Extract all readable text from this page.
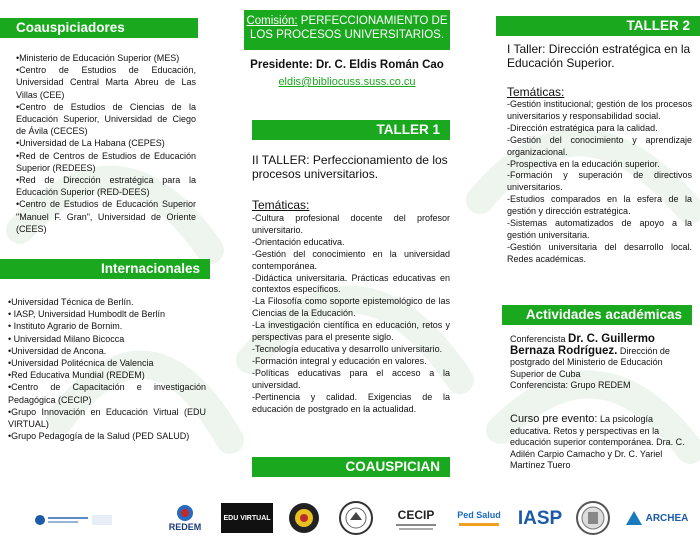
Coauspiciadores nacionales
•Ministerio de Educación Superior (MES)
•Centro de Estudios de Educación, Universidad Central Marta Abreu de Las Villas (CEE)
•Centro de Estudios de Ciencias de la Educación Superior, Universidad de Ciego de Ávila (CECES)
•Universidad de La Habana (CEPES)
•Red de Centros de Estudios de Educación Superior (REDEES)
•Red de Dirección estratégica para la Educación Superior (RED-DEES)
•Centro de Estudios de Educación Superior "Manuel F. Gran", Universidad de Oriente (CEES)
Internacionales
•Universidad Técnica de Berlín.
• IASP, Universidad Humbodlt de Berlín
• Instituto Agrario de Bornim.
• Universidad Milano Bicocca
•Universidad de Ancona.
•Universidad Politécnica de Valencia
•Red Educativa Mundial (REDEM)
•Centro de Capacitación e investigación Pedagógica (CECIP)
•Grupo Innovación en Educación Virtual (EDU VIRTUAL)
•Grupo Pedagogía de la Salud (PED SALUD)
Comisión: PERFECCIONAMIENTO DE LOS PROCESOS UNIVERSITARIOS.
Presidente: Dr. C. Eldis Román Cao
eldis@bibliocuss.suss.co.cu
TALLER 1
II TALLER: Perfeccionamiento de los procesos universitarios.
Temáticas:

-Cultura profesional docente del profesor universitario.

-Orientación educativa.

-Gestión del conocimiento en la universidad contemporánea.

-Didáctica universitaria. Prácticas educativas en contextos específicos.

-La Filosofía como soporte epistemológico de las Ciencias de la Educación.

-La investigación científica en educación, retos y perspectivas para el presente siglo.

-Tecnología educativa y desarrollo universitario.

-Formación integral y educación en valores.

-Políticas educativas para el acceso a la universidad.

-Pertinencia y calidad. Exigencias de la educación de postgrado en la actualidad.

COAUSPICIAN
TALLER 2
I Taller: Dirección estratégica en la Educación Superior.
Temáticas:

-Gestión institucional; gestión de los procesos universitarios y responsabilidad social.

-Dirección estratégica para la calidad.

-Gestión del conocimiento y aprendizaje organizacional.

-Prospectiva en la educación superior.

-Formación y superación de directivos universitarios.

-Estudios comparados en la esfera de la gestión y dirección estratégica.

-Sistemas automatizados de apoyo a la gestión universitaria.

-Gestión universitaria del desarrollo local. Redes académicas.

Actividades académicas
Conferencista Dr. C. Guillermo Bernaza Rodríguez. Dirección de postgrado del Ministerio de Educación Superior de Cuba

Conferencista: Grupo REDEM

Curso pre evento: La psicología educativa. Retos y perspectivas en la educación superior contemporánea. Dra. C. Adilén Carpio Camacho y Dr. C. Yariel Martínez Tuero
REDEM
EDU VIRTUAL	CECIP	Ped Salud IASP	ARCHEA
